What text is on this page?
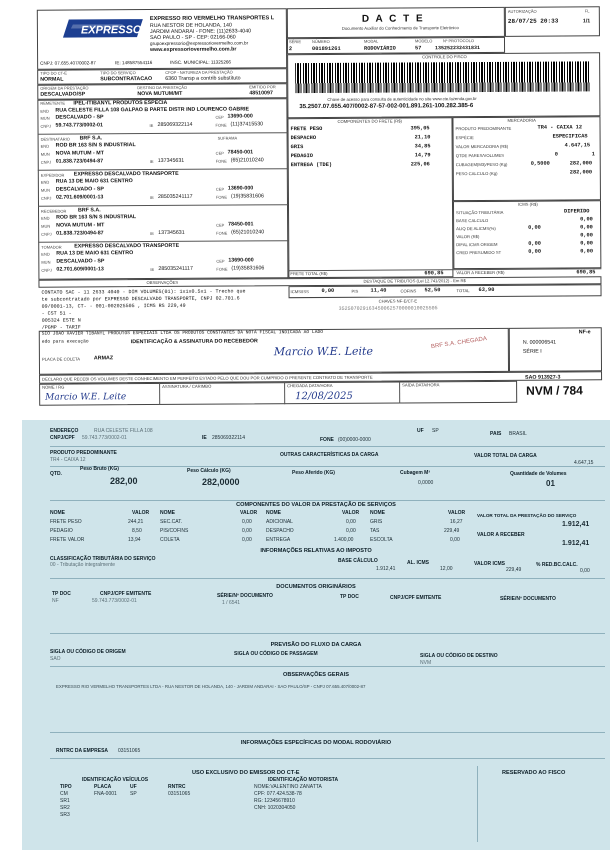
EXPRESSO
EXPRESSO RIO VERMELHO TRANSPORTES L
RUA NESTOR DE HOLANDA, 140
JARDIM ANDARAI - FONE: (11)2633-4040
SAO PAULO - SP - CEP: 02166-060
grupoexpressorio@expressoriovermelho.com.br
www.expressoriovermelho.com.br
CNPJ: 07.655.407/0002-87	IE: 148587554116	INSC. MUNICIPAL: 11325266
TIPO DO CT-E
NORMAL
TIPO DO SERVIÇO
SUBCONTRATACAO
CFOP - NATUREZA DA PRESTAÇÃO
6360 Transp a contrib substituto
ORIGEM DA PRESTAÇÃO
DESCALVADO/SP
DESTINO DA PRESTAÇÃO
NOVA MUTUM/MT
EMITIDO POR
48510097
D A C T E
Documento Auxiliar do Conhecimento de Transporte Eletrônico
SÉRIE
2
NÚMERO
001891261
MODAL
RODOVIÁRIO
MODELO
57
Nº PROTOCOLO
135252232431831
AUTORIZAÇÃO
28/07/25 20:33
FL
1/1
CONTROLE DO FISCO
Chave de acesso para consulta de autenticidade no site www.cte.fazenda.gov.br
35.2507.07.655.407/0002-87-57-002-001.891.261-100.282.385-6
REMETENTE IPEL-ITIBANYL PRODUTOS ESPECIA
END RUA CELESTE FILLA 108 GALPAO B PARTE DISTR IND LOURENCO GABRIE
MUN DESCALVADO - SP	CEP 13690-000
CNPJ 59.743.773/0002-01	IE 285069322114	FONE (11)37415530
DESTINATÁRIO BRF S.A.	SUFRAMA
END ROD BR 163 S/N S INDUSTRIAL
MUN NOVA MUTUM - MT	CEP 78450-001
CNPJ 01.838.723/0494-87	IE 137345631	FONE (65)21010240
EXPEDIDOR EXPRESSO DESCALVADO TRANSPORTE
END RUA 13 DE MAIO 631 CENTRO
MUN DESCALVADO - SP	CEP 13690-000
CNPJ 02.701.609/0001-13	IE 285035241117	FONE (19)35831606
RECEBEDOR BRF S.A.
END ROD BR 163 S/N S INDUSTRIAL
MUN NOVA MUTUM - MT	CEP 78450-001
CNPJ 01.838.723/0494-87	IE 137345631	FONE (65)21010240
TOMADOR EXPRESSO DESCALVADO TRANSPORTE
END RUA 13 DE MAIO 631 CENTRO
MUN DESCALVADO - SP	CEP 13690-000
CNPJ 02.701.609/0001-13	IE 285035241117	FONE (19)35831606
COMPONENTES DO FRETE (R$)
FRETE PESO	395,05
DESPACHO	21,10
GRIS	34,85
PEDAGIO	14,79
ENTREGA (TDE)	225,06
FRETE TOTAL (R$)	690,85	VALOR A RECEBER (R$)	690,85
MERCADORIA
PRODUTO PREDOMINANTE	TR4 - CAIXA 12
ESPÉCIE	ESPECIFICAS
VALOR MERCADORIA (R$)	4.647,15
QTDE PARES/VOLUMES	0	1
CUBAGEM(M3)/PESO (Kg)	0,5000	282,000
PESO CALCULO (Kg)	282,000
ICMS (R$)
SITUAÇÃO TRIBUTÁRIA	DIFERIDO
BASE CALCULO	0,00
ALIQ DE ALICMS(%)	0,00	0,00
VALOR (R$)	0,00
DIFAL ICMS ORIGEM	0,00	0,00
CRED PRESUMIDO ST	0,00	0,00
OBSERVAÇÕES	DESTAQUE DE TRIBUTOS (Lei 12.741/2012) - Em R$
ICMS/ISS 0,00	PIS 11,40	COFINS 52,50	TOTAL 63,90
CHAVES NF-E/CT-E
352507029163450062570000010025505
CONTATO SAC - 11 2633 4040 - DIM VOLUMES(01): 1x1x0.5x1 - Trecho que
te subcontratado por EXPRESSO DESCALVADO TRANSPORTE, CNPJ 02.701.6
09/0001-13, CT- - 001-002025505 , ICMS RS 229,49
- CST 51 -
005324 ESTE N
/PGMP - TARIF
SIO JOAO XAVIER TIBANYL PRODUTOS ESPECIAIS LTDA OS PRODUTOS CONSTANTES DA NOTA FISCAL INDICADA AO LADO
edo para execução	IDENTIFICAÇÃO & ASSINATURA DO RECEBEDOR
PLACA DE COLETA	ARMAZ
Marcio W.E. Leite
BRF S.A. CHEGADA
NF-e
N. 000006541
SÉRIE I
DECLARO QUE RECEBI OS VOLUMES DESTE CONHECIMENTO EM PERFEITO ESTADO PELO QUE DOU POR CUMPRIDO O PRESENTE CONTRATO DE TRANSPORTE
NOME / RG
Marcio W.E. Leite
ASSINATURA / CARIMBO	CHEGADA DATA/HORA
12/08/2025
SAÍDA DATA/HORA
SAO 913927-3
NVM / 784
ENDEREÇO	RUA CELESTE FILLA 108	UF SP	PAIS BRASIL
CNPJ/CPF 59.743.773/0002-01	IE 285069322114	FONE (00)0000-0000
PRODUTO PREDOMINANTE
TR4 - CAIXA 12
OUTRAS CARACTERÍSTICAS DA CARGA	VALOR TOTAL DA CARGA
4.647,15
QTD.
Peso Bruto (KG)
282,00
Peso Cálculo (KG)
282,0000
Peso Aferido (KG)	Cubagem M³
0,0000
Quantidade de Volumes
01
COMPONENTES DO VALOR DA PRESTAÇÃO DE SERVIÇOS
NOME	VALOR NOME	VALOR NOME	VALOR NOME	VALOR
FRETE PESO	244,21	SEC.CAT.	0,00	ADICIONAL	0,00	GRIS	16,27
PEDAGIO	8,50	PIS/COFINS	0,00	DESPACHO	0,00	TAS	229,49
FRETE VALOR	13,94	COLETA	0,00	ENTREGA	1.400,00	ESCOLTA	0,00
VALOR TOTAL DA PRESTAÇÃO DO SERVIÇO
1.912,41
VALOR A RECEBER
1.912,41
INFORMAÇÕES RELATIVAS AO IMPOSTO
CLASSIFICAÇÃO TRIBUTÁRIA DO SERVIÇO
00 - Tributação integralmente
BASE CÁLCULO
1.912,41
AL. ICMS
12,00
VALOR ICMS
229,49
% RED.BC.CALC.
0,00
DOCUMENTOS ORIGINÁRIOS
TP DOC	CNPJ/CPF EMITENTE	SÉRIE/Nº DOCUMENTO	TP DOC	CNPJ/CPF EMITENTE	SÉRIE/Nº DOCUMENTO
NF	59.743.773/0002-01	1 / 6541
PREVISÃO DO FLUXO DA CARGA
SIGLA OU CÓDIGO DE ORIGEM
SAO
SIGLA OU CÓDIGO DE PASSAGEM	SIGLA OU CÓDIGO DE DESTINO
NVM
OBSERVAÇÕES GERAIS
EXPRESSO RIO VERMELHO TRANSPORTES LTDA - RUA NESTOR DE HOLANDA, 140 - JARDIM ANDARAI - SAO PAULO/SP - CNPJ 07.655.407/0002-87
INFORMAÇÕES ESPECÍFICAS DO MODAL RODOVIÁRIO
RNTRC DA EMPRESA 03151065
USO EXCLUSIVO DO EMISSOR DO CT-E	RESERVADO AO FISCO
IDENTIFICAÇÃO VEÍCULOS
TIPO	PLACA	UF	RNTRC
CM	FNA-0001	SP	03151065
SR1
SR2
SR3
IDENTIFICAÇÃO MOTORISTA
NOME:VALENTINO ZANATTA
CPF: 077.424.538-78
RG: 12345678910
CNH: 1020304050
